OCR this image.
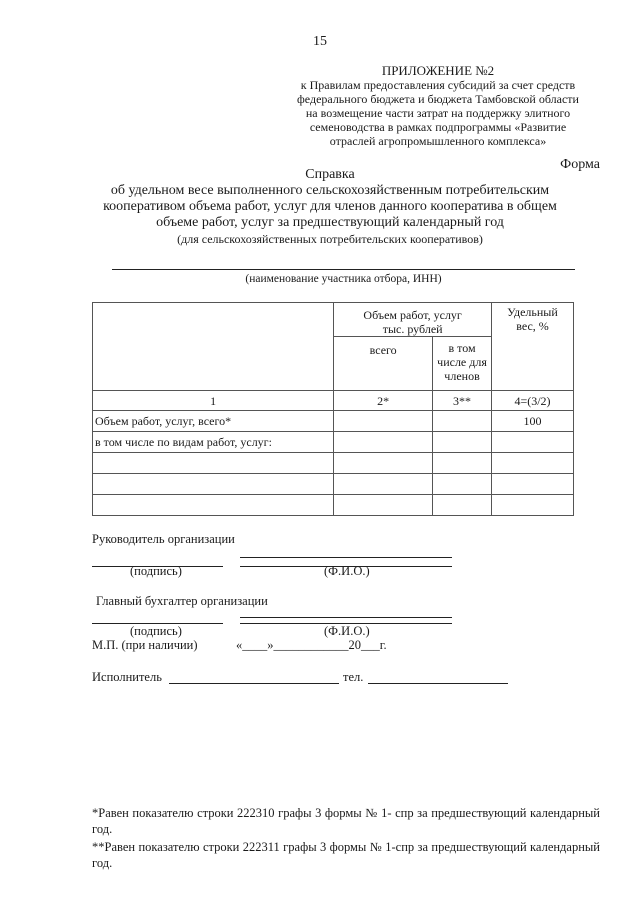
15
ПРИЛОЖЕНИЕ №2
к Правилам предоставления субсидий за счет средств
федерального бюджета и бюджета Тамбовской области
на возмещение части затрат на поддержку элитного
семеноводства в рамках подпрограммы «Развитие
отраслей агропромышленного комплекса»
Форма
Справка
об удельном весе выполненного сельскохозяйственным потребительским
кооперативом объема работ, услуг для членов данного кооператива в общем
объеме работ, услуг за предшествующий календарный год
(для сельскохозяйственных потребительских кооперативов)
(наименование участника отбора, ИНН)
	Объем работ, услуг тыс. рублей		Удельный вес, %
	всего	в том числе для членов	
1	2*	3**	4=(3/2)
Объем работ, услуг, всего*			100
в том числе по видам работ, услуг:			

Руководитель организации
(подпись)	(Ф.И.О.)
Главный бухгалтер организации
(подпись)	(Ф.И.О.)
М.П. (при наличии)	«____»____________20___г.
Исполнитель	тел.

*Равен показателю строки 222310 графы 3 формы № 1- спр за предшествующий календарный год.

**Равен показателю строки 222311 графы 3 формы № 1-спр за предшествующий календарный год.
